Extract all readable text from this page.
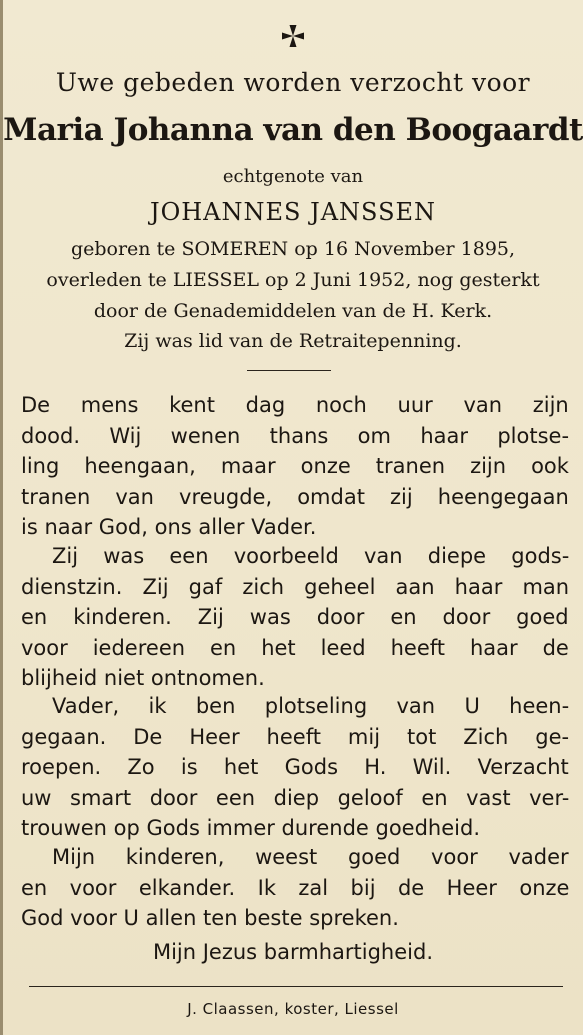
Uwe gebeden worden verzocht voor
Maria Johanna van den Boogaardt
echtgenote van
JOHANNES JANSSEN
geboren te SOMEREN op 16 November 1895,
overleden te LIESSEL op 2 Juni 1952, nog gesterkt
door de Genademiddelen van de H. Kerk.
Zij was lid van de Retraitepenning.
De mens kent dag noch uur van zijn
dood. Wij wenen thans om haar plotse-
ling heengaan, maar onze tranen zijn ook
tranen van vreugde, omdat zij heengegaan
is naar God, ons aller Vader.
Zij was een voorbeeld van diepe gods-
dienstzin. Zij gaf zich geheel aan haar man
en kinderen. Zij was door en door goed
voor iedereen en het leed heeft haar de
blijheid niet ontnomen.
Vader, ik ben plotseling van U heen-
gegaan. De Heer heeft mij tot Zich ge-
roepen. Zo is het Gods H. Wil. Verzacht
uw smart door een diep geloof en vast ver-
trouwen op Gods immer durende goedheid.
Mijn kinderen, weest goed voor vader
en voor elkander. Ik zal bij de Heer onze
God voor U allen ten beste spreken.
Mijn Jezus barmhartigheid.
J. Claassen, koster, Liessel
